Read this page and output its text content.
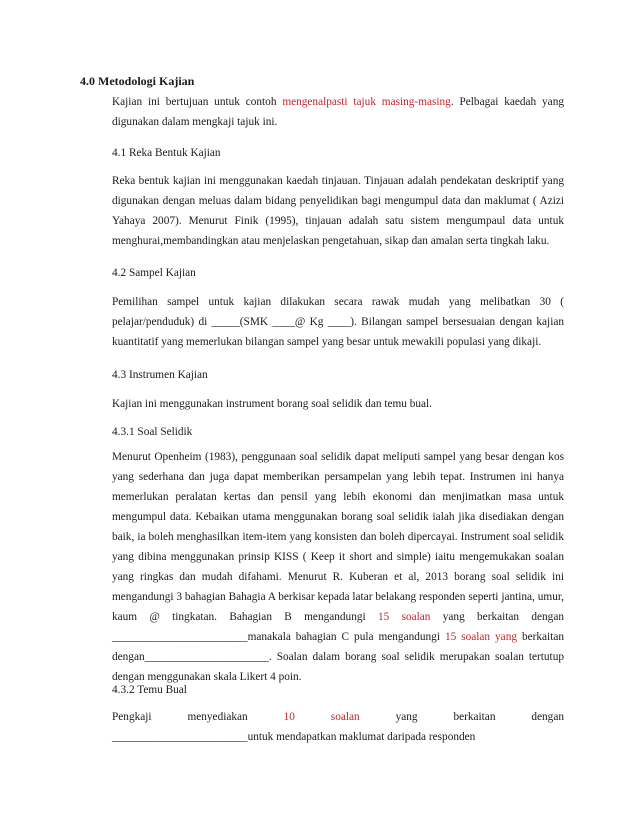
4.0 Metodologi Kajian
Kajian ini bertujuan untuk contoh mengenalpasti tajuk masing-masing. Pelbagai kaedah yang digunakan dalam mengkaji tajuk ini.
4.1 Reka Bentuk Kajian
Reka bentuk kajian ini menggunakan kaedah tinjauan. Tinjauan adalah pendekatan deskriptif yang digunakan dengan meluas dalam bidang penyelidikan bagi mengumpul data dan maklumat ( Azizi Yahaya 2007). Menurut Finik (1995), tinjauan adalah satu sistem mengumpaul data untuk menghurai,membandingkan atau menjelaskan pengetahuan, sikap dan amalan serta tingkah laku.
4.2 Sampel Kajian
Pemilihan sampel untuk kajian dilakukan secara rawak mudah yang melibatkan 30 ( pelajar/penduduk) di _____(SMK ____@ Kg ____). Bilangan sampel bersesuaian dengan kajian kuantitatif yang memerlukan bilangan sampel yang besar untuk mewakili populasi yang dikaji.
4.3 Instrumen Kajian
Kajian ini menggunakan instrument borang soal selidik dan temu bual.
4.3.1 Soal Selidik
Menurut Openheim (1983), penggunaan soal selidik dapat meliputi sampel yang besar dengan kos yang sederhana dan juga dapat memberikan persampelan yang lebih tepat. Instrumen ini hanya memerlukan peralatan kertas dan pensil yang lebih ekonomi dan menjimatkan masa untuk mengumpul data. Kebaikan utama menggunakan borang soal selidik ialah jika disediakan dengan baik, ia boleh menghasilkan item-item yang konsisten dan boleh dipercayai. Instrument soal selidik yang dibina menggunakan prinsip KISS ( Keep it short and simple) iaitu mengemukakan soalan yang ringkas dan mudah difahami. Menurut R. Kuberan et al, 2013 borang soal selidik ini mengandungi 3 bahagian Bahagia A berkisar kepada latar belakang responden seperti jantina, umur, kaum @ tingkatan. Bahagian B mengandungi 15 soalan yang berkaitan dengan ________________________manakala bahagian C pula mengandungi 15 soalan yang berkaitan dengan______________________. Soalan dalam borang soal selidik merupakan soalan tertutup dengan menggunakan skala Likert 4 poin.
4.3.2 Temu Bual
Pengkaji	menyediakan	10 soalan	yang	berkaitan	dengan
________________________untuk mendapatkan maklumat daripada responden
